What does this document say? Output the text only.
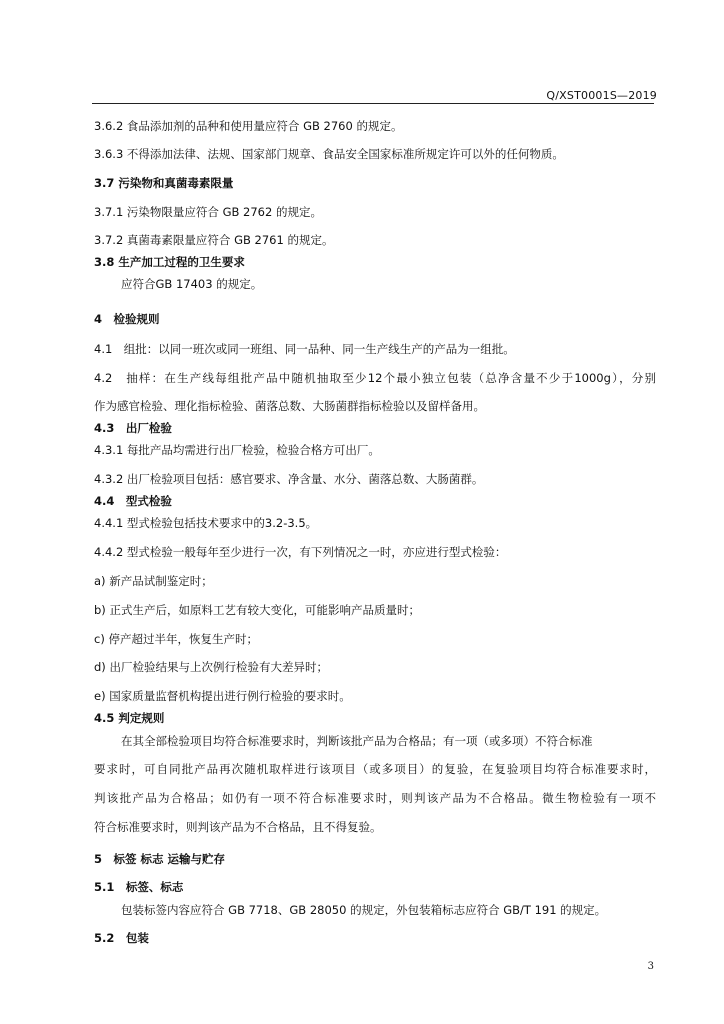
Q/XST0001S—2019
3.6.2 食品添加剂的品种和使用量应符合 GB 2760 的规定。
3.6.3 不得添加法律、法规、国家部门规章、食品安全国家标准所规定许可以外的任何物质。
3.7 污染物和真菌毒素限量
3.7.1 污染物限量应符合 GB 2762 的规定。
3.7.2 真菌毒素限量应符合 GB 2761 的规定。
3.8 生产加工过程的卫生要求
应符合GB 17403 的规定。
4　检验规则
4.1　组批：以同一班次或同一班组、同一品种、同一生产线生产的产品为一组批。
4.2　抽样：在生产线每组批产品中随机抽取至少12个最小独立包装（总净含量不少于1000g），分别
作为感官检验、理化指标检验、菌落总数、大肠菌群指标检验以及留样备用。
4.3　出厂检验
4.3.1 每批产品均需进行出厂检验，检验合格方可出厂。
4.3.2 出厂检验项目包括：感官要求、净含量、水分、菌落总数、大肠菌群。
4.4　型式检验
4.4.1 型式检验包括技术要求中的3.2-3.5。
4.4.2 型式检验一般每年至少进行一次，有下列情况之一时，亦应进行型式检验：
a) 新产品试制鉴定时；
b) 正式生产后，如原料工艺有较大变化，可能影响产品质量时；
c) 停产超过半年，恢复生产时；
d) 出厂检验结果与上次例行检验有大差异时；
e) 国家质量监督机构提出进行例行检验的要求时。
4.5 判定规则
在其全部检验项目均符合标准要求时，判断该批产品为合格品；有一项（或多项）不符合标准
要求时，可自同批产品再次随机取样进行该项目（或多项目）的复验，在复验项目均符合标准要求时，
判该批产品为合格品；如仍有一项不符合标准要求时，则判该产品为不合格品。微生物检验有一项不
符合标准要求时，则判该产品为不合格品，且不得复验。
5　标签 标志 运输与贮存
5.1　标签、标志
包装标签内容应符合 GB 7718、GB 28050 的规定，外包装箱标志应符合 GB/T 191 的规定。
5.2　包装
3
